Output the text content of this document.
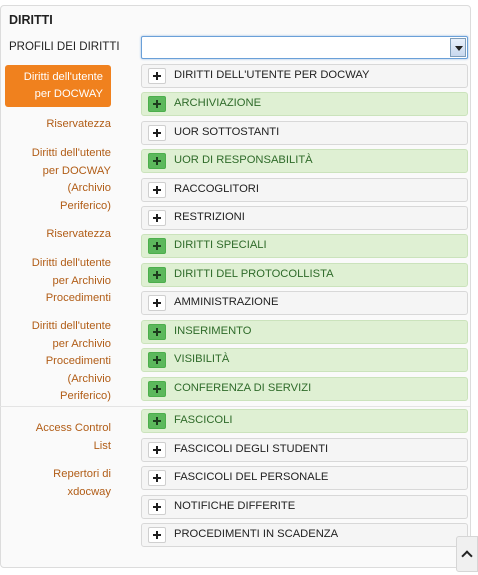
DIRITTI
PROFILI DEI DIRITTI
Diritti dell'utente
per DOCWAY
Riservatezza
Diritti dell'utente
per DOCWAY
(Archivio
Periferico)
Riservatezza
Diritti dell'utente
per Archivio
Procedimenti
Diritti dell'utente
per Archivio
Procedimenti
(Archivio
Periferico)
Access Control
List
Repertori di
xdocway
DIRITTI DELL'UTENTE PER DOCWAY
ARCHIVIAZIONE
UOR SOTTOSTANTI
UOR DI RESPONSABILITÀ
RACCOGLITORI
RESTRIZIONI
DIRITTI SPECIALI
DIRITTI DEL PROTOCOLLISTA
AMMINISTRAZIONE
INSERIMENTO
VISIBILITÀ
CONFERENZA DI SERVIZI
FASCICOLI
FASCICOLI DEGLI STUDENTI
FASCICOLI DEL PERSONALE
NOTIFICHE DIFFERITE
PROCEDIMENTI IN SCADENZA
